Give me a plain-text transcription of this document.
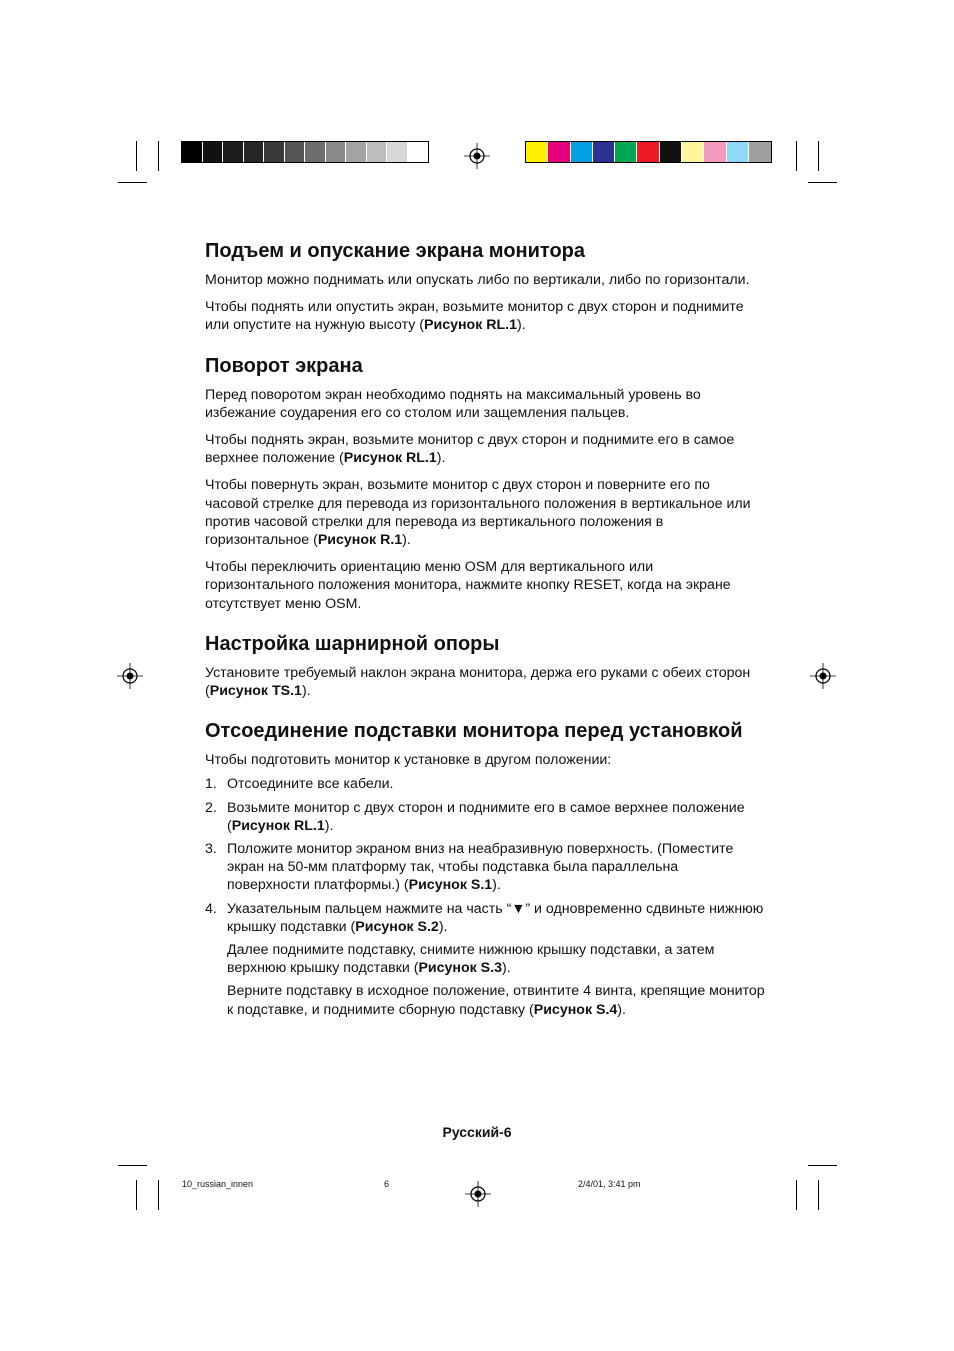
Подъем и опускание экрана монитора

Монитор можно поднимать или опускать либо по вертикали, либо по горизонтали.

Чтобы поднять или опустить экран, возьмите монитор с двух сторон и поднимите или опустите на нужную высоту (Рисунок RL.1).

Поворот экрана

Перед поворотом экран необходимо поднять на максимальный уровень во избежание соударения его со столом или защемления пальцев.

Чтобы поднять экран, возьмите монитор с двух сторон и поднимите его в самое верхнее положение (Рисунок RL.1).

Чтобы повернуть экран, возьмите монитор с двух сторон и поверните его по часовой стрелке для перевода из горизонтального положения в вертикальное или против часовой стрелки для перевода из вертикального положения в горизонтальное (Рисунок R.1).

Чтобы переключить ориентацию меню OSM для вертикального или горизонтального положения монитора, нажмите кнопку RESET, когда на экране отсутствует меню OSM.

Настройка шарнирной опоры

Установите требуемый наклон экрана монитора, держа его руками с обеих сторон (Рисунок TS.1).

Отсоединение подставки монитора перед установкой

Чтобы подготовить монитор к установке в другом положении:

1. Отсоедините все кабели.

2. Возьмите монитор с двух сторон и поднимите его в самое верхнее положение (Рисунок RL.1).

3. Положите монитор экраном вниз на неабразивную поверхность. (Поместите экран на 50-мм платформу так, чтобы подставка была параллельна поверхности платформы.) (Рисунок S.1).

4. Указательным пальцем нажмите на часть “▼” и одновременно сдвиньте нижнюю крышку подставки (Рисунок S.2).

Далее поднимите подставку, снимите нижнюю крышку подставки, а затем верхнюю крышку подставки (Рисунок S.3).

Верните подставку в исходное положение, отвинтите 4 винта, крепящие монитор к подставке, и поднимите сборную подставку (Рисунок S.4).

Русский-6
10_russian_innen	6	2/4/01, 3:41 pm
